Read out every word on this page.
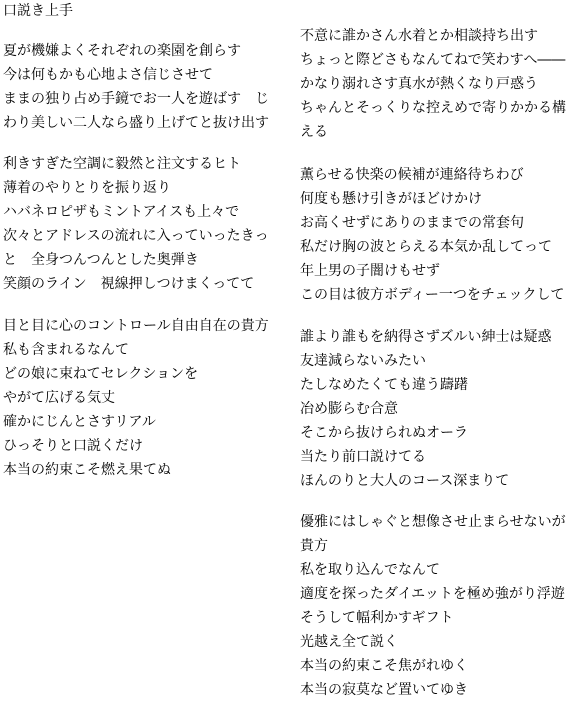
口説き上手
夏が機嫌よくそれぞれの楽園を創らす
今は何もかも心地よさ信じさせて
ままの独り占め手鏡でお一人を遊ばす　じ
わり美しい二人なら盛り上げてと抜け出す
利きすぎた空調に毅然と注文するヒト
薄着のやりとりを振り返り
ハバネロピザもミントアイスも上々で
次々とアドレスの流れに入っていったきっ
と　全身つんつんとした奥弾き
笑顔のライン　視線押しつけまくってて
目と目に心のコントロール自由自在の貴方
私も含まれるなんて
どの娘に束ねてセレクションを
やがて広げる気丈
確かにじんとさすリアル
ひっそりと口説くだけ
本当の約束こそ燃え果てぬ
不意に誰かさん水着とか相談持ち出す
ちょっと際どさもなんてねで笑わすへ――
かなり溺れさす真水が熱くなり戸惑う
ちゃんとそっくりな控えめで寄りかかる構
える
薫らせる快楽の候補が連絡待ちわび
何度も懸け引きがほどけかけ
お高くせずにありのままでの常套句
私だけ胸の波とらえる本気か乱してって
年上男の子闇けもせず
この目は彼方ボディー一つをチェックして
誰より誰もを納得さずズルい紳士は疑惑
友達減らないみたい
たしなめたくても違う躊躇
冶め膨らむ合意
そこから抜けられぬオーラ
当たり前口説けてる
ほんのりと大人のコース深まりて
優雅にはしゃぐと想像させ止まらせないが
貴方
私を取り込んでなんて
適度を探ったダイエットを極め強がり浮遊
そうして幅利かすギフト
光越え全て説く
本当の約束こそ焦がれゆく
本当の寂莫など置いてゆき
